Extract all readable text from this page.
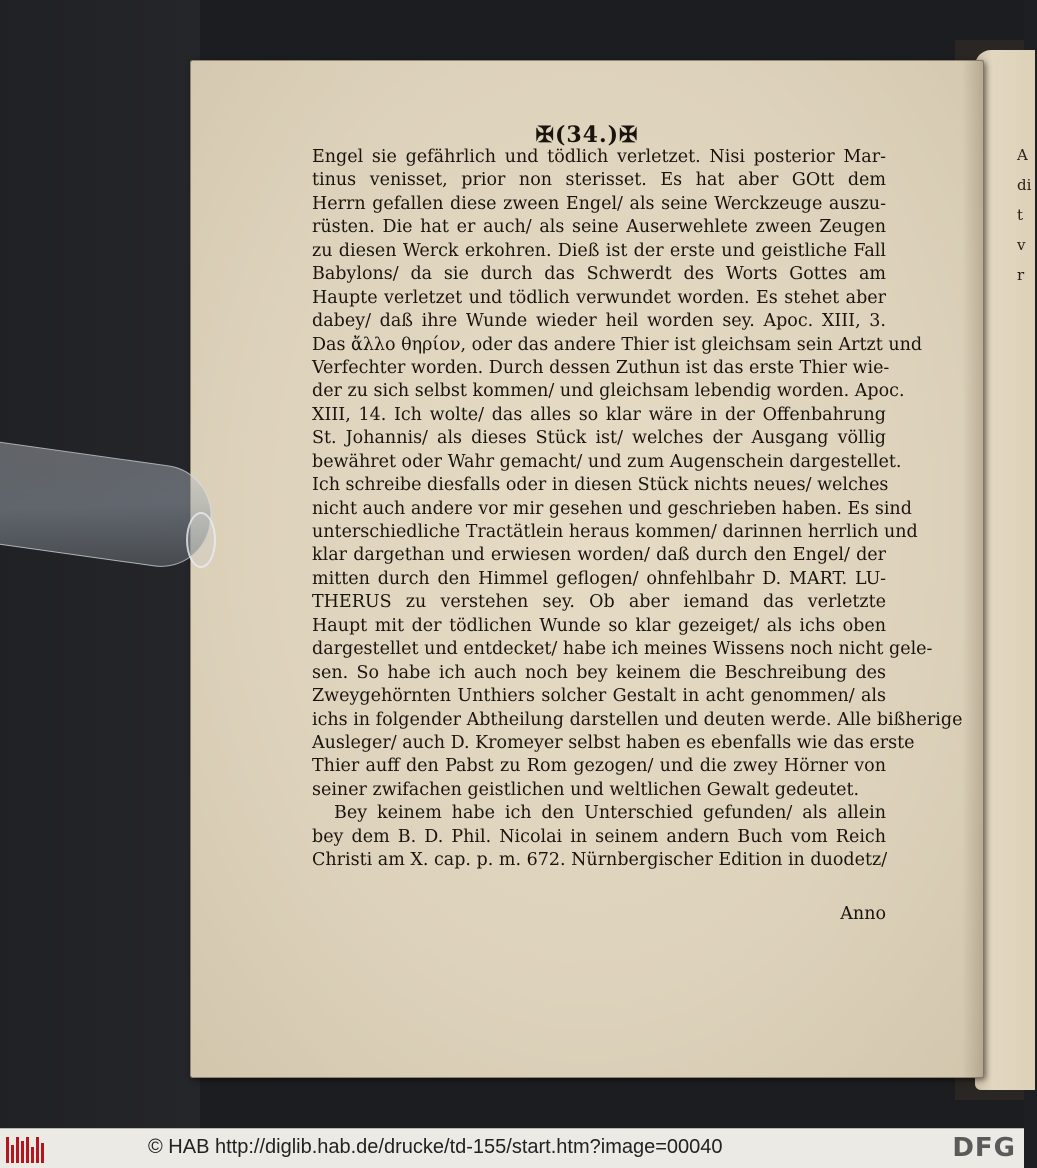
A
di
t
v
r
✠(34.)✠
Engel sie gefährlich und tödlich verletzet. Nisi posterior Mar-
tinus venisset, prior non sterisset. Es hat aber GOtt dem
Herrn gefallen diese zween Engel/ als seine Werckzeuge auszu-
rüsten. Die hat er auch/ als seine Auserwehlete zween Zeugen
zu diesen Werck erkohren. Dieß ist der erste und geistliche Fall
Babylons/ da sie durch das Schwerdt des Worts Gottes am
Haupte verletzet und tödlich verwundet worden. Es stehet aber
dabey/ daß ihre Wunde wieder heil worden sey. Apoc. XIII, 3.
Das ἄλλο θηρίον, oder das andere Thier ist gleichsam sein Artzt und
Verfechter worden. Durch dessen Zuthun ist das erste Thier wie-
der zu sich selbst kommen/ und gleichsam lebendig worden. Apoc.
XIII, 14. Ich wolte/ das alles so klar wäre in der Offenbahrung
St. Johannis/ als dieses Stück ist/ welches der Ausgang völlig
bewähret oder Wahr gemacht/ und zum Augenschein dargestellet.
Ich schreibe diesfalls oder in diesen Stück nichts neues/ welches
nicht auch andere vor mir gesehen und geschrieben haben. Es sind
unterschiedliche Tractätlein heraus kommen/ darinnen herrlich und
klar dargethan und erwiesen worden/ daß durch den Engel/ der
mitten durch den Himmel geflogen/ ohnfehlbahr D. MART. LU-
THERUS zu verstehen sey. Ob aber iemand das verletzte
Haupt mit der tödlichen Wunde so klar gezeiget/ als ichs oben
dargestellet und entdecket/ habe ich meines Wissens noch nicht gele-
sen. So habe ich auch noch bey keinem die Beschreibung des
Zweygehörnten Unthiers solcher Gestalt in acht genommen/ als
ichs in folgender Abtheilung darstellen und deuten werde. Alle bißherige
Ausleger/ auch D. Kromeyer selbst haben es ebenfalls wie das erste
Thier auff den Pabst zu Rom gezogen/ und die zwey Hörner von
seiner zwifachen geistlichen und weltlichen Gewalt gedeutet.
Bey keinem habe ich den Unterschied gefunden/ als allein
bey dem B. D. Phil. Nicolai in seinem andern Buch vom Reich
Christi am X. cap. p. m. 672. Nürnbergischer Edition in duodetz/
Anno
© HAB http://diglib.hab.de/drucke/td-155/start.htm?image=00040	DFG
